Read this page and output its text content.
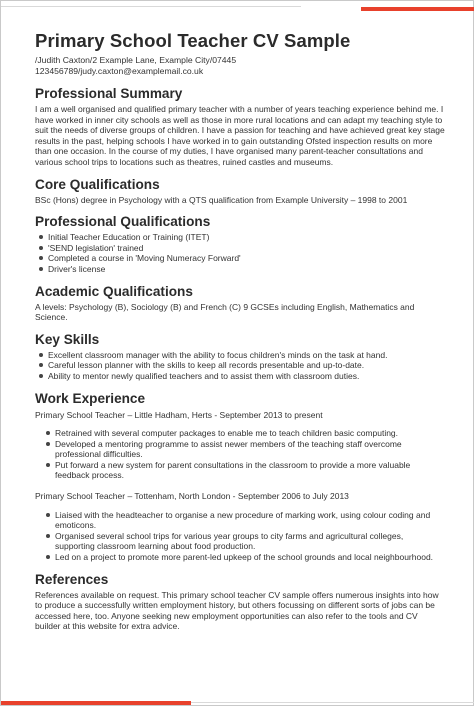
Primary School Teacher CV Sample
/Judith Caxton/2 Example Lane, Example City/07445
123456789/judy.caxton@examplemail.co.uk
Professional Summary

I am a well organised and qualified primary teacher with a number of years teaching experience behind me. I have worked in inner city schools as well as those in more rural locations and can adapt my teaching style to suit the needs of diverse groups of children. I have a passion for teaching and have achieved great key stage results in the past, helping schools I have worked in to gain outstanding Ofsted inspection results on more than one occasion. In the course of my duties, I have organised many parent-teacher consultations and various school trips to locations such as theatres, ruined castles and museums.

Core Qualifications

BSc (Hons) degree in Psychology with a QTS qualification from Example University – 1998 to 2001

Professional Qualifications
Initial Teacher Education or Training (ITET)
'SEND legislation' trained
Completed a course in 'Moving Numeracy Forward'
Driver's license
Academic Qualifications

A levels: Psychology (B), Sociology (B) and French (C) 9 GCSEs including English, Mathematics and Science.

Key Skills
Excellent classroom manager with the ability to focus children's minds on the task at hand.
Careful lesson planner with the skills to keep all records presentable and up-to-date.
Ability to mentor newly qualified teachers and to assist them with classroom duties.
Work Experience

Primary School Teacher – Little Hadham, Herts - September 2013 to present

Retrained with several computer packages to enable me to teach children basic computing.
Developed a mentoring programme to assist newer members of the teaching staff overcome professional difficulties.
Put forward a new system for parent consultations in the classroom to provide a more valuable feedback process.

Primary School Teacher – Tottenham, North London - September 2006 to July 2013

Liaised with the headteacher to organise a new procedure of marking work, using colour coding and emoticons.
Organised several school trips for various year groups to city farms and agricultural colleges, supporting classroom learning about food production.
Led on a project to promote more parent-led upkeep of the school grounds and local neighbourhood.
References

References available on request. This primary school teacher CV sample offers numerous insights into how to produce a successfully written employment history, but others focussing on different sorts of jobs can be accessed here, too. Anyone seeking new employment opportunities can also refer to the tools and CV builder at this website for extra advice.
